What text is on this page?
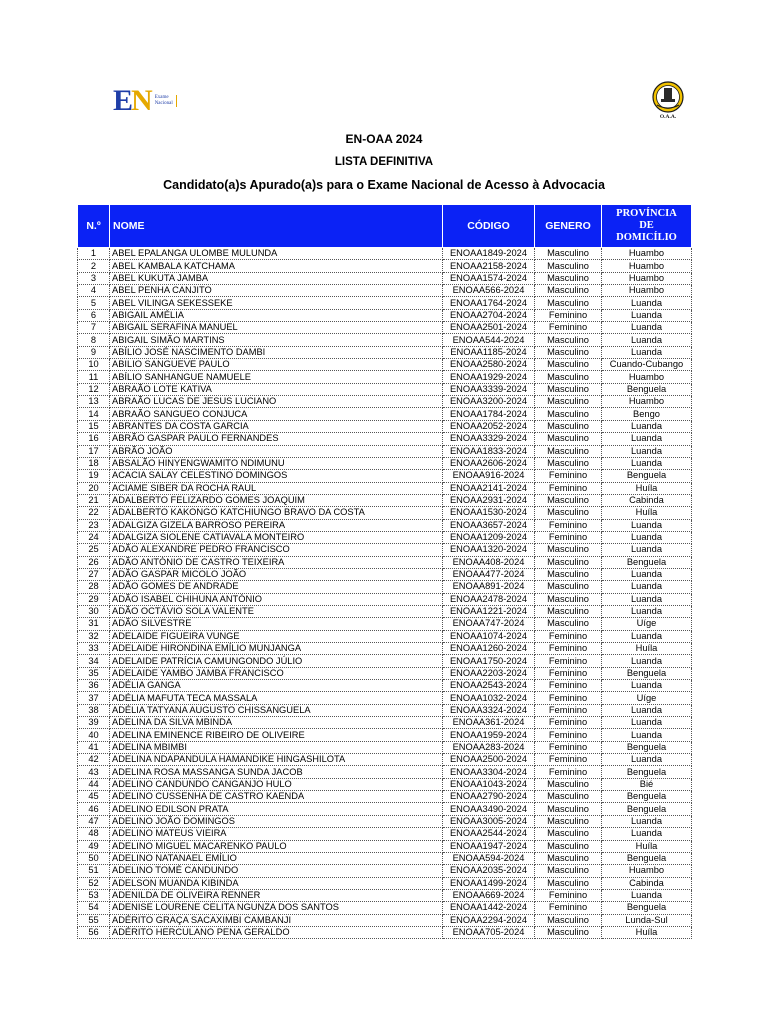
EN Exame
Nacional
O.A.A.
EN-OAA 2024
LISTA DEFINITIVA
Candidato(a)s Apurado(a)s para o Exame Nacional de Acesso à Advocacia
N.º	NOME	CÓDIGO	GENERO	PROVÍNCIA
DE
DOMICÍLIO

1	ABEL EPALANGA ULOMBE MULUNDA	ENOAA1849-2024	Masculino	Huambo
2	ABEL KAMBALA KATCHAMA	ENOAA2158-2024	Masculino	Huambo
3	ABEL KUKUTA JAMBA	ENOAA1574-2024	Masculino	Huambo
4	ABEL PENHA CANJITO	ENOAA566-2024	Masculino	Huambo
5	ABEL VILINGA SEKESSEKE	ENOAA1764-2024	Masculino	Luanda
6	ABIGAIL AMÉLIA	ENOAA2704-2024	Feminino	Luanda
7	ABIGAIL SERAFINA MANUEL	ENOAA2501-2024	Feminino	Luanda
8	ABIGAIL SIMÃO MARTINS	ENOAA544-2024	Masculino	Luanda
9	ABÍLIO JOSÉ NASCIMENTO DAMBI	ENOAA1185-2024	Masculino	Luanda
10	ABILIO SANGUEVE PAULO	ENOAA2580-2024	Masculino	Cuando-Cubango
11	ABÍLIO SANHANGUE NAMUELE	ENOAA1929-2024	Masculino	Huambo
12	ABRAÃO LOTE KATIVA	ENOAA3339-2024	Masculino	Benguela
13	ABRAÃO LUCAS DE JESUS LUCIANO	ENOAA3200-2024	Masculino	Huambo
14	ABRAÃO SANGUEO CONJUCA	ENOAA1784-2024	Masculino	Bengo
15	ABRANTES DA COSTA GARCIA	ENOAA2052-2024	Masculino	Luanda
16	ABRÃO GASPAR PAULO FERNANDES	ENOAA3329-2024	Masculino	Luanda
17	ABRÃO JOÃO	ENOAA1833-2024	Masculino	Luanda
18	ABSALÃO HINYENGWAMITO NDIMUNU	ENOAA2606-2024	Masculino	Luanda
19	ACACIA SALAY CELESTINO DOMINGOS	ENOAA916-2024	Feminino	Benguela
20	ACIAME SIBER DA ROCHA RAUL	ENOAA2141-2024	Feminino	Huíla
21	ADALBERTO FELIZARDO GOMES JOAQUIM	ENOAA2931-2024	Masculino	Cabinda
22	ADALBERTO KAKONGO KATCHIUNGO BRAVO DA COSTA	ENOAA1530-2024	Masculino	Huíla
23	ADALGIZA GIZELA BARROSO PEREIRA	ENOAA3657-2024	Feminino	Luanda
24	ADALGIZA SIOLENE CATIAVALA MONTEIRO	ENOAA1209-2024	Feminino	Luanda
25	ADÃO ALEXANDRE PEDRO FRANCISCO	ENOAA1320-2024	Masculino	Luanda
26	ADÃO ANTÓNIO DE CASTRO TEIXEIRA	ENOAA408-2024	Masculino	Benguela
27	ADÃO GASPAR MICOLO JOÃO	ENOAA477-2024	Masculino	Luanda
28	ADÃO GOMES DE ANDRADE	ENOAA891-2024	Masculino	Luanda
29	ADÃO ISABEL CHIHUNA ANTÓNIO	ENOAA2478-2024	Masculino	Luanda
30	ADÃO OCTÁVIO SOLA VALENTE	ENOAA1221-2024	Masculino	Luanda
31	ADÃO SILVESTRE	ENOAA747-2024	Masculino	Uíge
32	ADELAIDE FIGUEIRA VUNGE	ENOAA1074-2024	Feminino	Luanda
33	ADELAIDE HIRONDINA EMÍLIO MUNJANGA	ENOAA1260-2024	Feminino	Huíla
34	ADELAIDE PATRÍCIA CAMUNGONDO JÚLIO	ENOAA1750-2024	Feminino	Luanda
35	ADELAIDE YAMBO JAMBA FRANCISCO	ENOAA2203-2024	Feminino	Benguela
36	ADÉLIA GANGA	ENOAA2543-2024	Feminino	Luanda
37	ADÉLIA MAFUTA TECA MASSALA	ENOAA1032-2024	Feminino	Uíge
38	ADÉLIA TATYANA AUGUSTO CHISSANGUELA	ENOAA3324-2024	Feminino	Luanda
39	ADELINA DA SILVA MBINDA	ENOAA361-2024	Feminino	Luanda
40	ADELINA EMINENCE RIBEIRO DE OLIVEIRE	ENOAA1959-2024	Feminino	Luanda
41	ADELINA MBIMBI	ENOAA283-2024	Feminino	Benguela
42	ADELINA NDAPANDULA HAMANDIKE HINGASHILOTA	ENOAA2500-2024	Feminino	Luanda
43	ADELINA ROSA MASSANGA SUNDA JACOB	ENOAA3304-2024	Feminino	Benguela
44	ADELINO CANDUNDO CANGANJO HULO	ENOAA1043-2024	Masculino	Bié
45	ADELINO CUSSENHA DE CASTRO KAENDA	ENOAA2790-2024	Masculino	Benguela
46	ADELINO EDILSON PRATA	ENOAA3490-2024	Masculino	Benguela
47	ADELINO JOÃO DOMINGOS	ENOAA3005-2024	Masculino	Luanda
48	ADELINO MATEUS VIEIRA	ENOAA2544-2024	Masculino	Luanda
49	ADELINO MIGUEL MACARENKO PAULO	ENOAA1947-2024	Masculino	Huíla
50	ADELINO NATANAEL EMÍLIO	ENOAA594-2024	Masculino	Benguela
51	ADELINO TOMÉ CANDUNDO	ENOAA2035-2024	Masculino	Huambo
52	ADELSON MUANDA KIBINDA	ENOAA1499-2024	Masculino	Cabinda
53	ADENILDA DE OLIVEIRA RENNER	ENOAA669-2024	Feminino	Luanda
54	ADENISE LOURENE CELITA NGUNZA DOS SANTOS	ENOAA1442-2024	Feminino	Benguela
55	ADÉRITO GRAÇA SACAXIMBI CAMBANJI	ENOAA2294-2024	Masculino	Lunda-Sul
56	ADÉRITO HERCULANO PENA GERALDO	ENOAA705-2024	Masculino	Huíla
